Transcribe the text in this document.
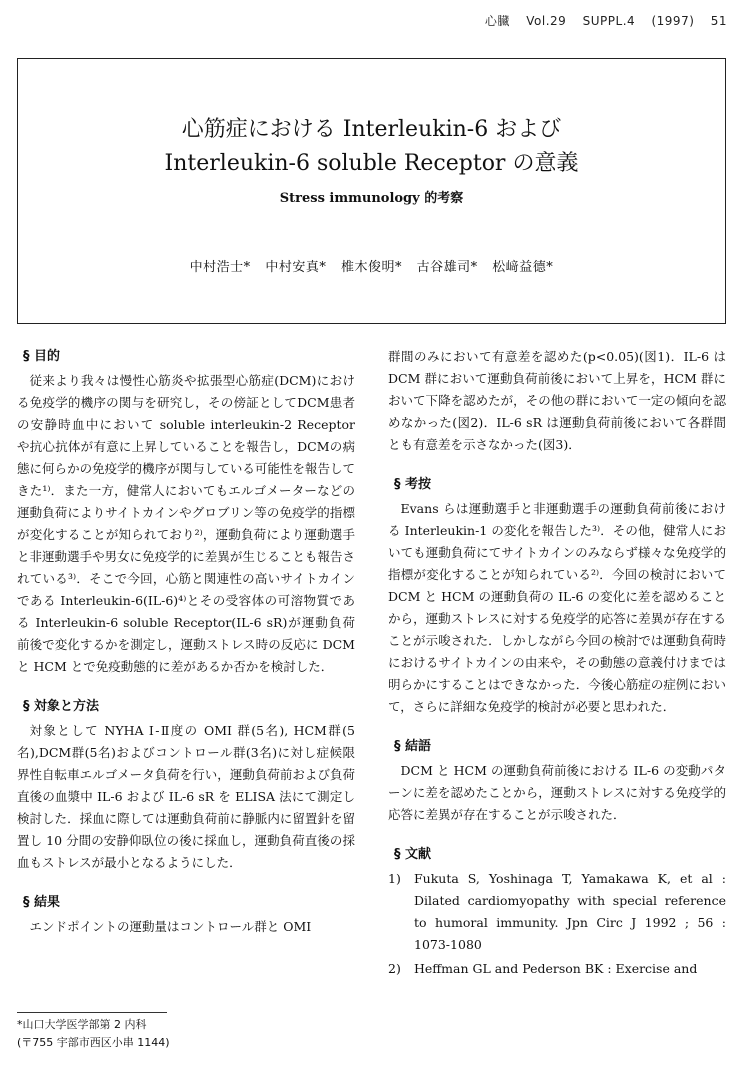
心臓 Vol.29 SUPPL.4 (1997) 51
心筋症における Interleukin-6 および
Interleukin-6 soluble Receptor の意義
Stress immunology 的考察
中村浩士* 中村安真* 椎木俊明* 古谷雄司* 松﨑益德*
§ 目的

従来より我々は慢性心筋炎や拡張型心筋症(DCM)における免疫学的機序の関与を研究し，その傍証としてDCM患者の安静時血中において soluble interleukin-2 Receptor や抗心抗体が有意に上昇していることを報告し，DCMの病態に何らかの免疫学的機序が関与している可能性を報告してきた¹⁾．また一方，健常人においてもエルゴメーターなどの運動負荷によりサイトカインやグロブリン等の免疫学的指標が変化することが知られており²⁾，運動負荷により運動選手と非運動選手や男女に免疫学的に差異が生じることも報告されている³⁾．そこで今回，心筋と関連性の高いサイトカインである Interleukin-6(IL-6)⁴⁾とその受容体の可溶物質である Interleukin-6 soluble Receptor(IL-6 sR)が運動負荷前後で変化するかを測定し，運動ストレス時の反応に DCM と HCM とで免疫動態的に差があるか否かを検討した．

§ 対象と方法

対象として NYHA Ⅰ-Ⅱ度の OMI 群(5名), HCM群(5名),DCM群(5名)およびコントロール群(3名)に対し症候限界性自転車エルゴメータ負荷を行い，運動負荷前および負荷直後の血漿中 IL-6 および IL-6 sR を ELISA 法にて測定し検討した．採血に際しては運動負荷前に静脈内に留置針を留置し 10 分間の安静仰臥位の後に採血し，運動負荷直後の採血もストレスが最小となるようにした．

§ 結果

エンドポイントの運動量はコントロール群と OMI

群間のみにおいて有意差を認めた(p<0.05)(図1)．IL-6 は DCM 群において運動負荷前後において上昇を，HCM 群において下降を認めたが，その他の群において一定の傾向を認めなかった(図2)．IL-6 sR は運動負荷前後において各群間とも有意差を示さなかった(図3)．

§ 考按

Evans らは運動選手と非運動選手の運動負荷前後における Interleukin-1 の変化を報告した³⁾．その他，健常人においても運動負荷にてサイトカインのみならず様々な免疫学的指標が変化することが知られている²⁾．今回の検討において DCM と HCM の運動負荷の IL-6 の変化に差を認めることから，運動ストレスに対する免疫学的応答に差異が存在することが示唆された．しかしながら今回の検討では運動負荷時におけるサイトカインの由来や，その動態の意義付けまでは明らかにすることはできなかった．今後心筋症の症例において，さらに詳細な免疫学的検討が必要と思われた．

§ 結語

DCM と HCM の運動負荷前後における IL-6 の変動パターンに差を認めたことから，運動ストレスに対する免疫学的応答に差異が存在することが示唆された．

§ 文献
1) Fukuta S, Yoshinaga T, Yamakawa K, et al : Dilated cardiomyopathy with special reference to humoral immunity. Jpn Circ J 1992 ; 56 : 1073-1080
2) Heffman GL and Pederson BK : Exercise and
*山口大学医学部第 2 内科
(〒755 宇部市西区小串 1144)
